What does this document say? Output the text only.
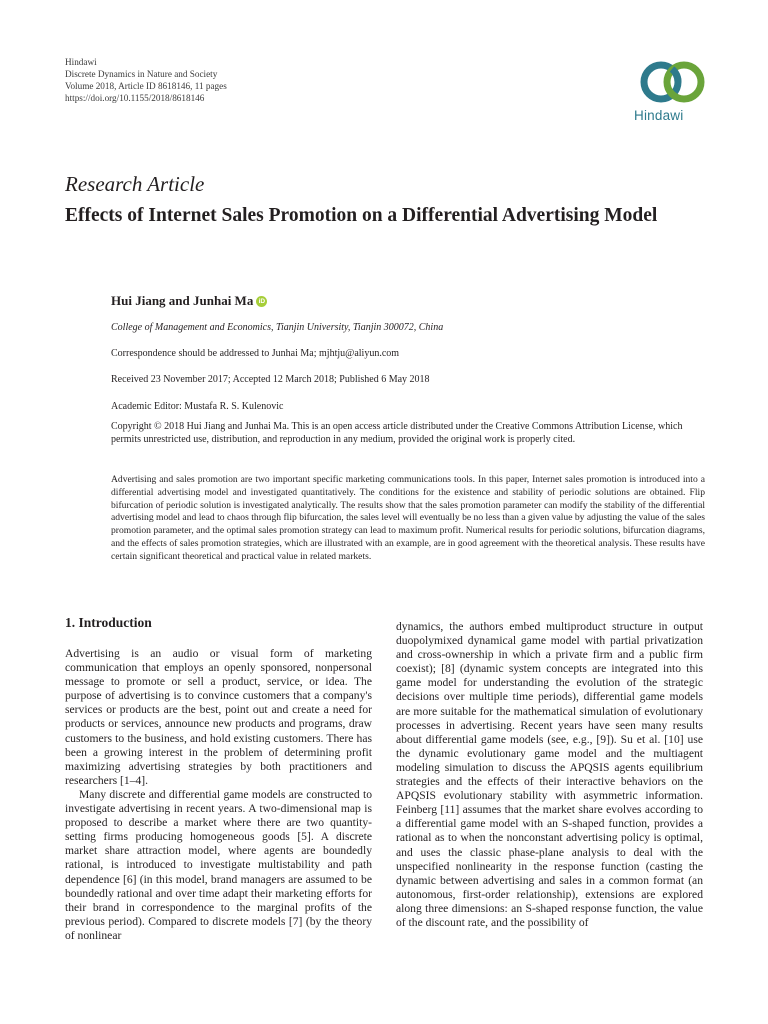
Hindawi
Discrete Dynamics in Nature and Society
Volume 2018, Article ID 8618146, 11 pages
https://doi.org/10.1155/2018/8618146
Hindawi
Research Article
Effects of Internet Sales Promotion on a Differential Advertising Model
Hui Jiang and Junhai Ma iD
College of Management and Economics, Tianjin University, Tianjin 300072, China
Correspondence should be addressed to Junhai Ma; mjhtju@aliyun.com
Received 23 November 2017; Accepted 12 March 2018; Published 6 May 2018
Academic Editor: Mustafa R. S. Kulenovic
Copyright © 2018 Hui Jiang and Junhai Ma. This is an open access article distributed under the Creative Commons Attribution License, which permits unrestricted use, distribution, and reproduction in any medium, provided the original work is properly cited.
Advertising and sales promotion are two important specific marketing communications tools. In this paper, Internet sales promotion is introduced into a differential advertising model and investigated quantitatively. The conditions for the existence and stability of periodic solutions are obtained. Flip bifurcation of periodic solution is investigated analytically. The results show that the sales promotion parameter can modify the stability of the differential advertising model and lead to chaos through flip bifurcation, the sales level will eventually be no less than a given value by adjusting the value of the sales promotion parameter, and the optimal sales promotion strategy can lead to maximum profit. Numerical results for periodic solutions, bifurcation diagrams, and the effects of sales promotion strategies, which are illustrated with an example, are in good agreement with the theoretical analysis. These results have certain significant theoretical and practical value in related markets.
1. Introduction

Advertising is an audio or visual form of marketing communication that employs an openly sponsored, nonpersonal message to promote or sell a product, service, or idea. The purpose of advertising is to convince customers that a company's services or products are the best, point out and create a need for products or services, announce new products and programs, draw customers to the business, and hold existing customers. There has been a growing interest in the problem of determining profit maximizing advertising strategies by both practitioners and researchers [1–4].

Many discrete and differential game models are constructed to investigate advertising in recent years. A two-dimensional map is proposed to describe a market where there are two quantity-setting firms producing homogeneous goods [5]. A discrete market share attraction model, where agents are boundedly rational, is introduced to investigate multistability and path dependence [6] (in this model, brand managers are assumed to be boundedly rational and over time adapt their marketing efforts for their brand in correspondence to the marginal profits of the previous period). Compared to discrete models [7] (by the theory of nonlinear

dynamics, the authors embed multiproduct structure in output duopolymixed dynamical game model with partial privatization and cross-ownership in which a private firm and a public firm coexist); [8] (dynamic system concepts are integrated into this game model for understanding the evolution of the strategic decisions over multiple time periods), differential game models are more suitable for the mathematical simulation of evolutionary processes in advertising. Recent years have seen many results about differential game models (see, e.g., [9]). Su et al. [10] use the dynamic evolutionary game model and the multiagent modeling simulation to discuss the APQSIS agents equilibrium strategies and the effects of their interactive behaviors on the APQSIS evolutionary stability with asymmetric information. Feinberg [11] assumes that the market share evolves according to a differential game model with an S-shaped function, provides a rational as to when the nonconstant advertising policy is optimal, and uses the classic phase-plane analysis to deal with the unspecified nonlinearity in the response function (casting the dynamic between advertising and sales in a common format (an autonomous, first-order relationship), extensions are explored along three dimensions: an S-shaped response function, the value of the discount rate, and the possibility of
